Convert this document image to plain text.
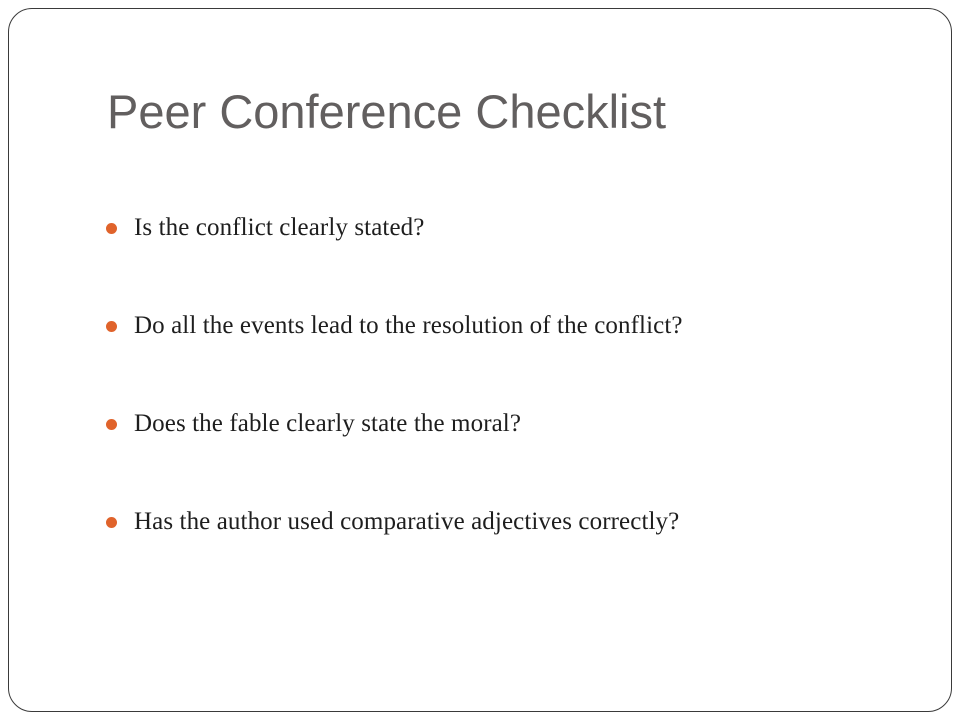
Peer Conference Checklist
Is the conflict clearly stated?
Do all the events lead to the resolution of the conflict?
Does the fable clearly state the moral?
Has the author used comparative adjectives correctly?
